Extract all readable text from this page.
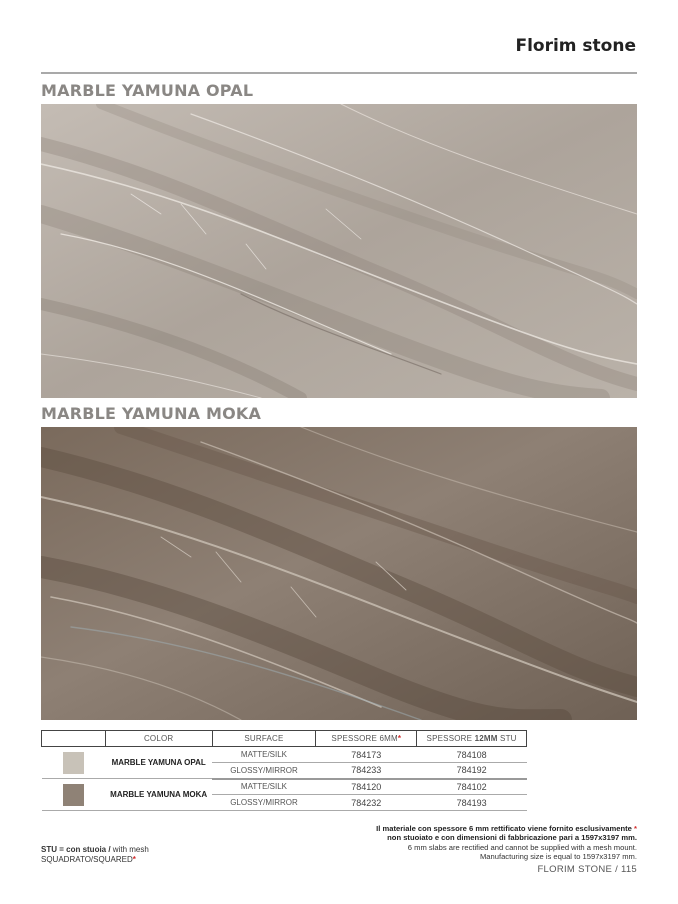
Florim stone
MARBLE YAMUNA OPAL
MARBLE YAMUNA MOKA
	COLOR	SURFACE	SPESSORE 6MM*	SPESSORE 12MM STU
	MARBLE YAMUNA OPAL	MATTE/SILK	784173	784108
		GLOSSY/MIRROR	784233	784192
	MARBLE YAMUNA MOKA	MATTE/SILK	784120	784102
		GLOSSY/MIRROR	784232	784193
Il materiale con spessore 6 mm rettificato viene fornito esclusivamente *
non stuoiato e con dimensioni di fabbricazione pari a 1597x3197 mm.
6 mm slabs are rectified and cannot be supplied with a mesh mount.
Manufacturing size is equal to 1597x3197 mm.
STU = con stuoia / with mesh
SQUADRATO/SQUARED*
FLORIM STONE / 115
